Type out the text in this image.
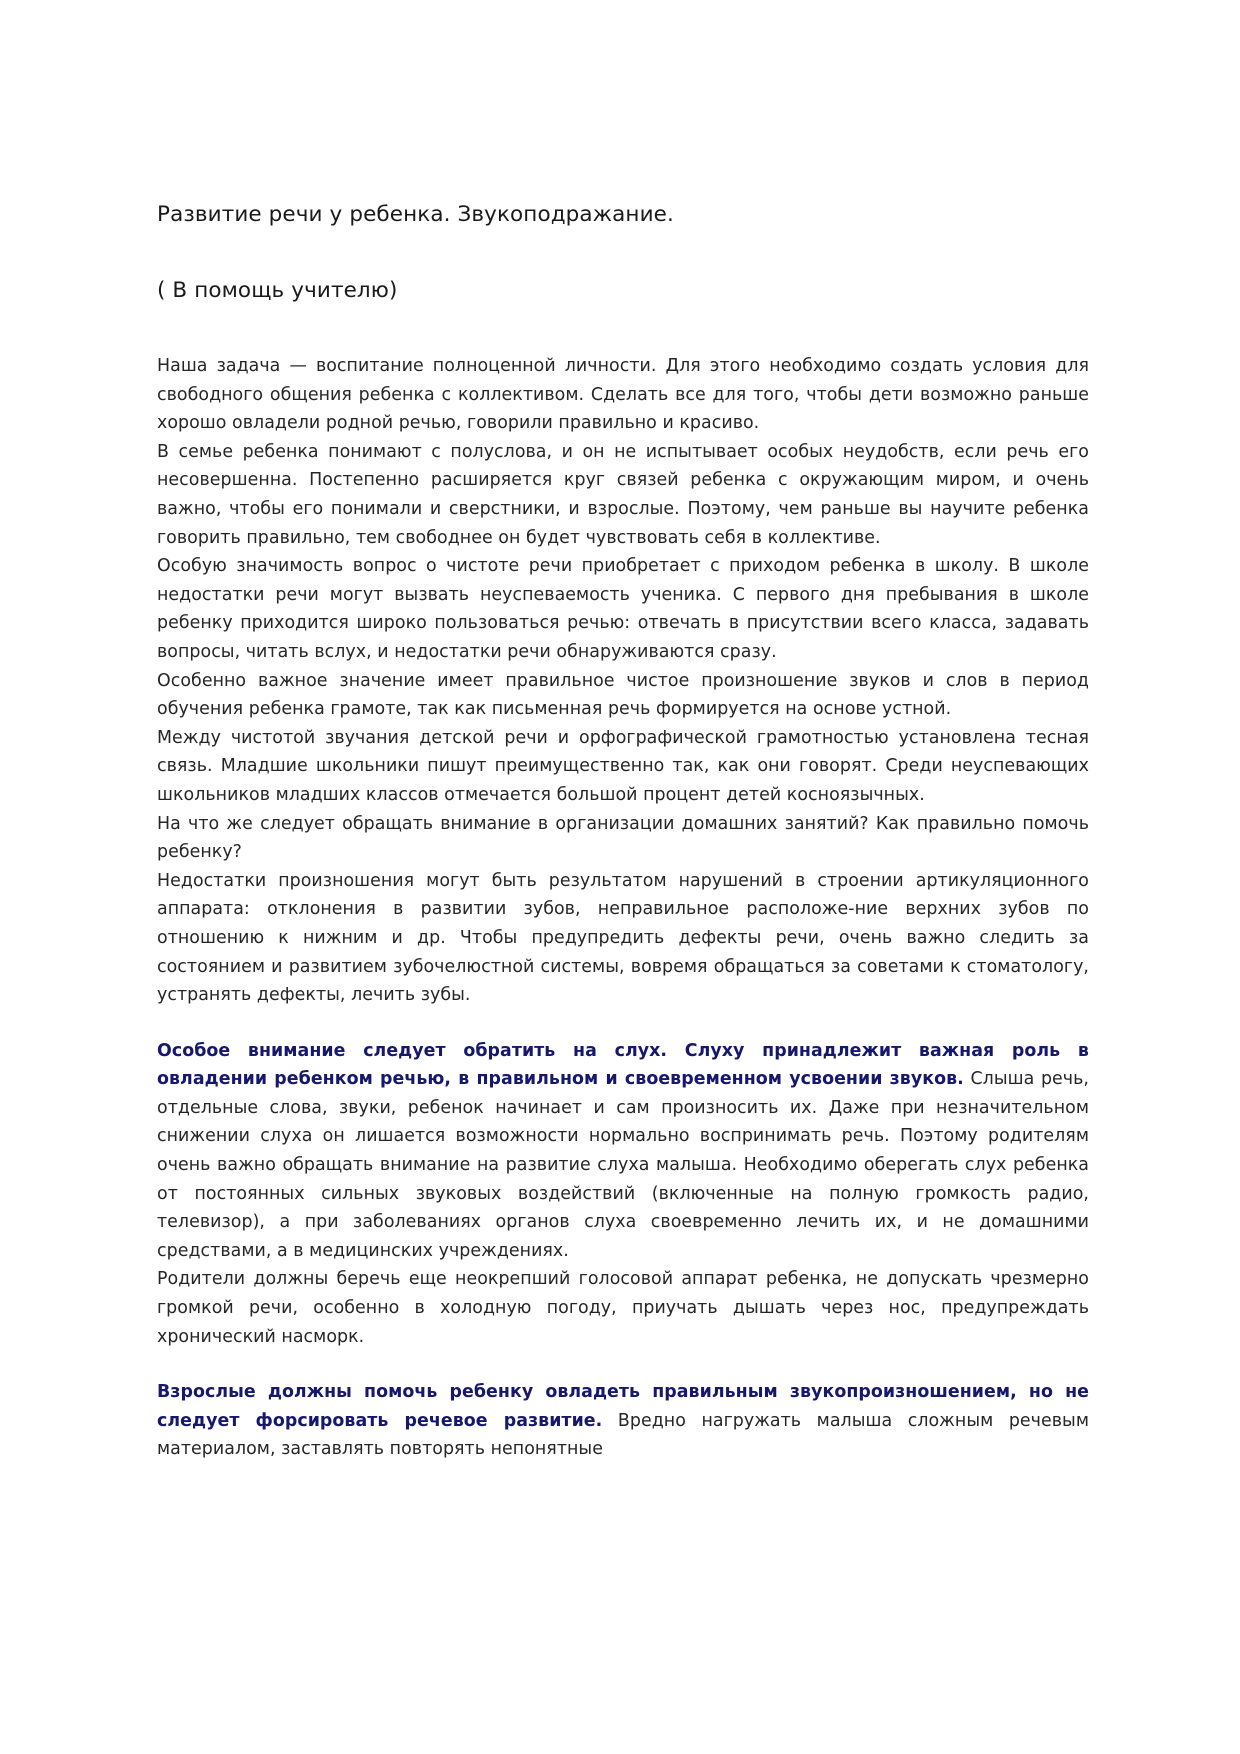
Развитие речи у ребенка. Звукоподражание.
( В помощь учителю)

Наша задача — воспитание полноценной личности. Для этого необходимо создать условия для свободного общения ребенка с коллективом. Сделать все для того, чтобы дети возможно раньше хорошо овладели родной речью, говорили правильно и красиво.

В семье ребенка понимают с полуслова, и он не испытывает особых неудобств, если речь его несовершенна. Постепенно расширяется круг связей ребенка с окружающим миром, и очень важно, чтобы его понимали и сверстники, и взрослые. Поэтому, чем раньше вы научите ребенка говорить правильно, тем свободнее он будет чувствовать себя в коллективе.

Особую значимость вопрос о чистоте речи приобретает с приходом ребенка в школу. В школе недостатки речи могут вызвать неуспеваемость ученика. С первого дня пребывания в школе ребенку приходится широко пользоваться речью: отвечать в присутствии всего класса, задавать вопросы, читать вслух, и недостатки речи обнаруживаются сразу.

Особенно важное значение имеет правильное чистое произношение звуков и слов в период обучения ребенка грамоте, так как письменная речь формируется на основе устной.

Между чистотой звучания детской речи и орфографической грамотностью установлена тесная связь. Младшие школьники пишут преимущественно так, как они говорят. Среди неуспевающих школьников младших классов отмечается большой процент детей косноязычных.

На что же следует обращать внимание в организации домашних занятий? Как правильно помочь ребенку?

Недостатки произношения могут быть результатом нарушений в строении артикуляционного аппарата: отклонения в развитии зубов, неправильное расположе-ние верхних зубов по отношению к нижним и др. Чтобы предупредить дефекты речи, очень важно следить за состоянием и развитием зубочелюстной системы, вовремя обращаться за советами к стоматологу, устранять дефекты, лечить зубы.

Особое внимание следует обратить на слух. Слуху принадлежит важная роль в овладении ребенком речью, в правильном и своевременном усвоении звуков. Слыша речь, отдельные слова, звуки, ребенок начинает и сам произносить их. Даже при незначительном снижении слуха он лишается возможности нормально воспринимать речь. Поэтому родителям очень важно обращать внимание на развитие слуха малыша. Необходимо оберегать слух ребенка от постоянных сильных звуковых воздействий (включенные на полную громкость радио, телевизор), а при заболеваниях органов слуха своевременно лечить их, и не домашними средствами, а в медицинских учреждениях.

Родители должны беречь еще неокрепший голосовой аппарат ребенка, не допускать чрезмерно громкой речи, особенно в холодную погоду, приучать дышать через нос, предупреждать хронический насморк.

Взрослые должны помочь ребенку овладеть правильным звукопроизношением, но не следует форсировать речевое развитие. Вредно нагружать малыша сложным речевым материалом, заставлять повторять непонятные
